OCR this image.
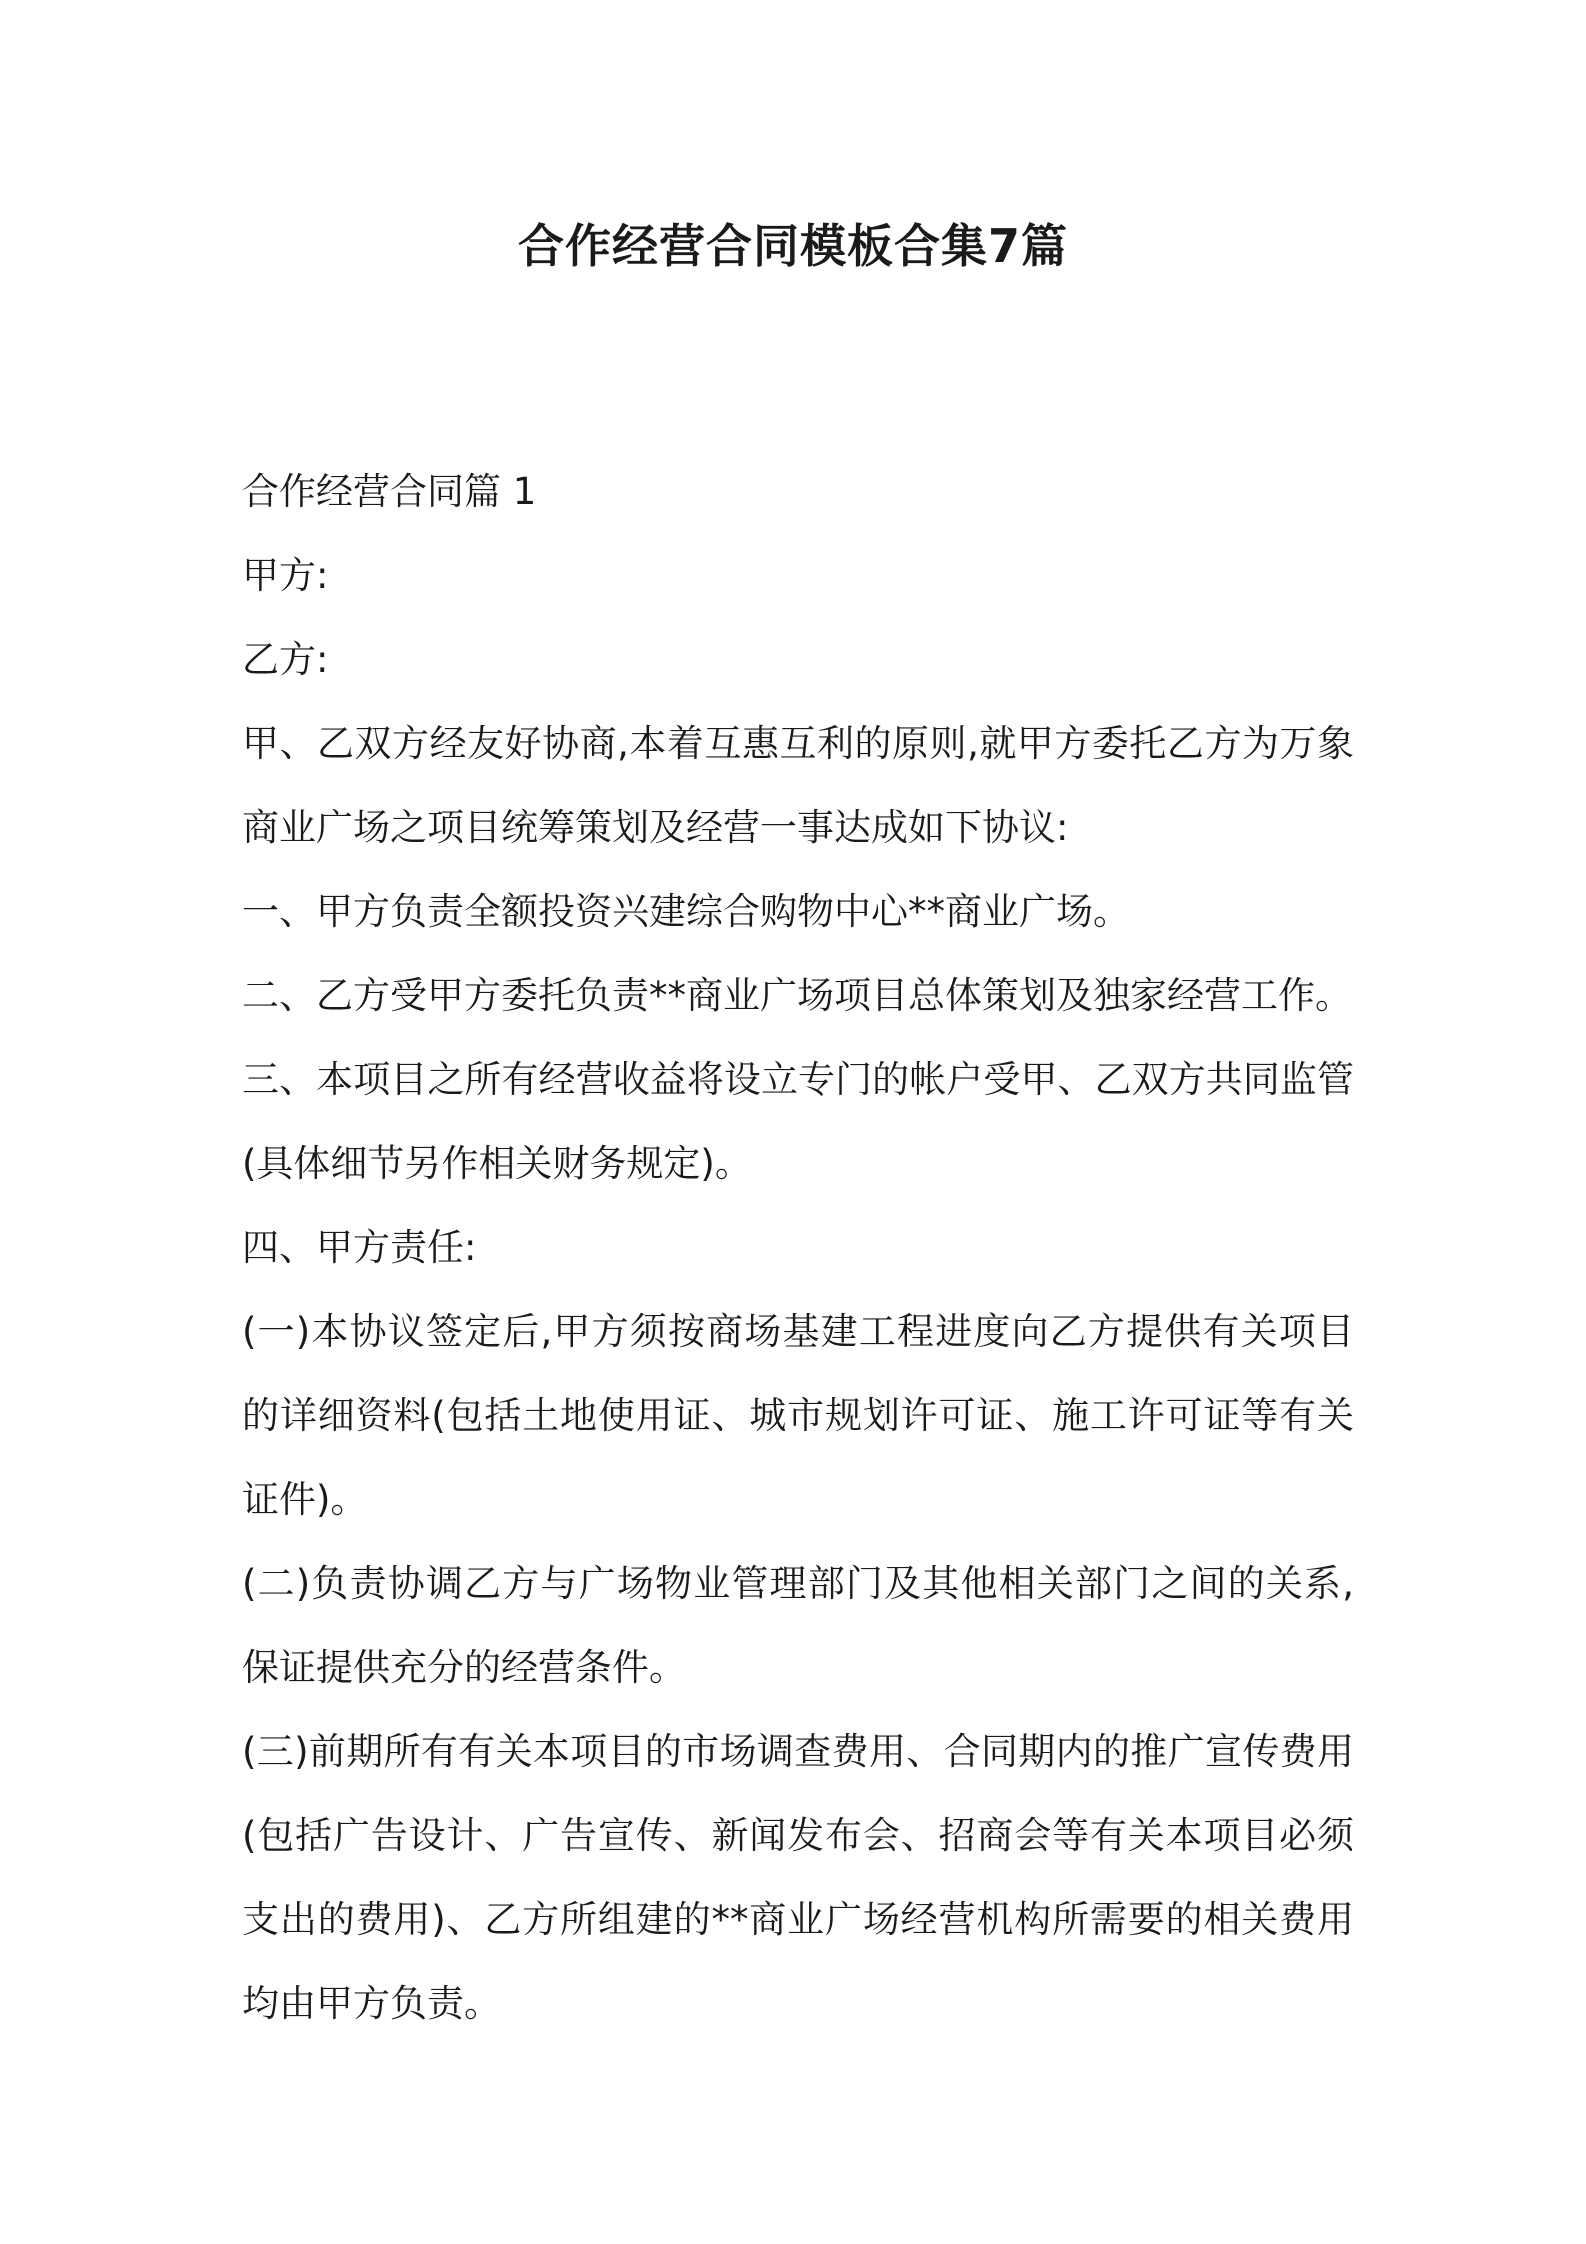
合作经营合同模板合集7篇

合作经营合同篇 1

甲方:

乙方:

甲、乙双方经友好协商,本着互惠互利的原则,就甲方委托乙方为万象商业广场之项目统筹策划及经营一事达成如下协议:

一、甲方负责全额投资兴建综合购物中心**商业广场。

二、乙方受甲方委托负责**商业广场项目总体策划及独家经营工作。

三、本项目之所有经营收益将设立专门的帐户受甲、乙双方共同监管(具体细节另作相关财务规定)。

四、甲方责任:

(一)本协议签定后,甲方须按商场基建工程进度向乙方提供有关项目的详细资料(包括土地使用证、城市规划许可证、施工许可证等有关证件)。

(二)负责协调乙方与广场物业管理部门及其他相关部门之间的关系,保证提供充分的经营条件。

(三)前期所有有关本项目的市场调查费用、合同期内的推广宣传费用(包括广告设计、广告宣传、新闻发布会、招商会等有关本项目必须支出的费用)、乙方所组建的**商业广场经营机构所需要的相关费用均由甲方负责。
